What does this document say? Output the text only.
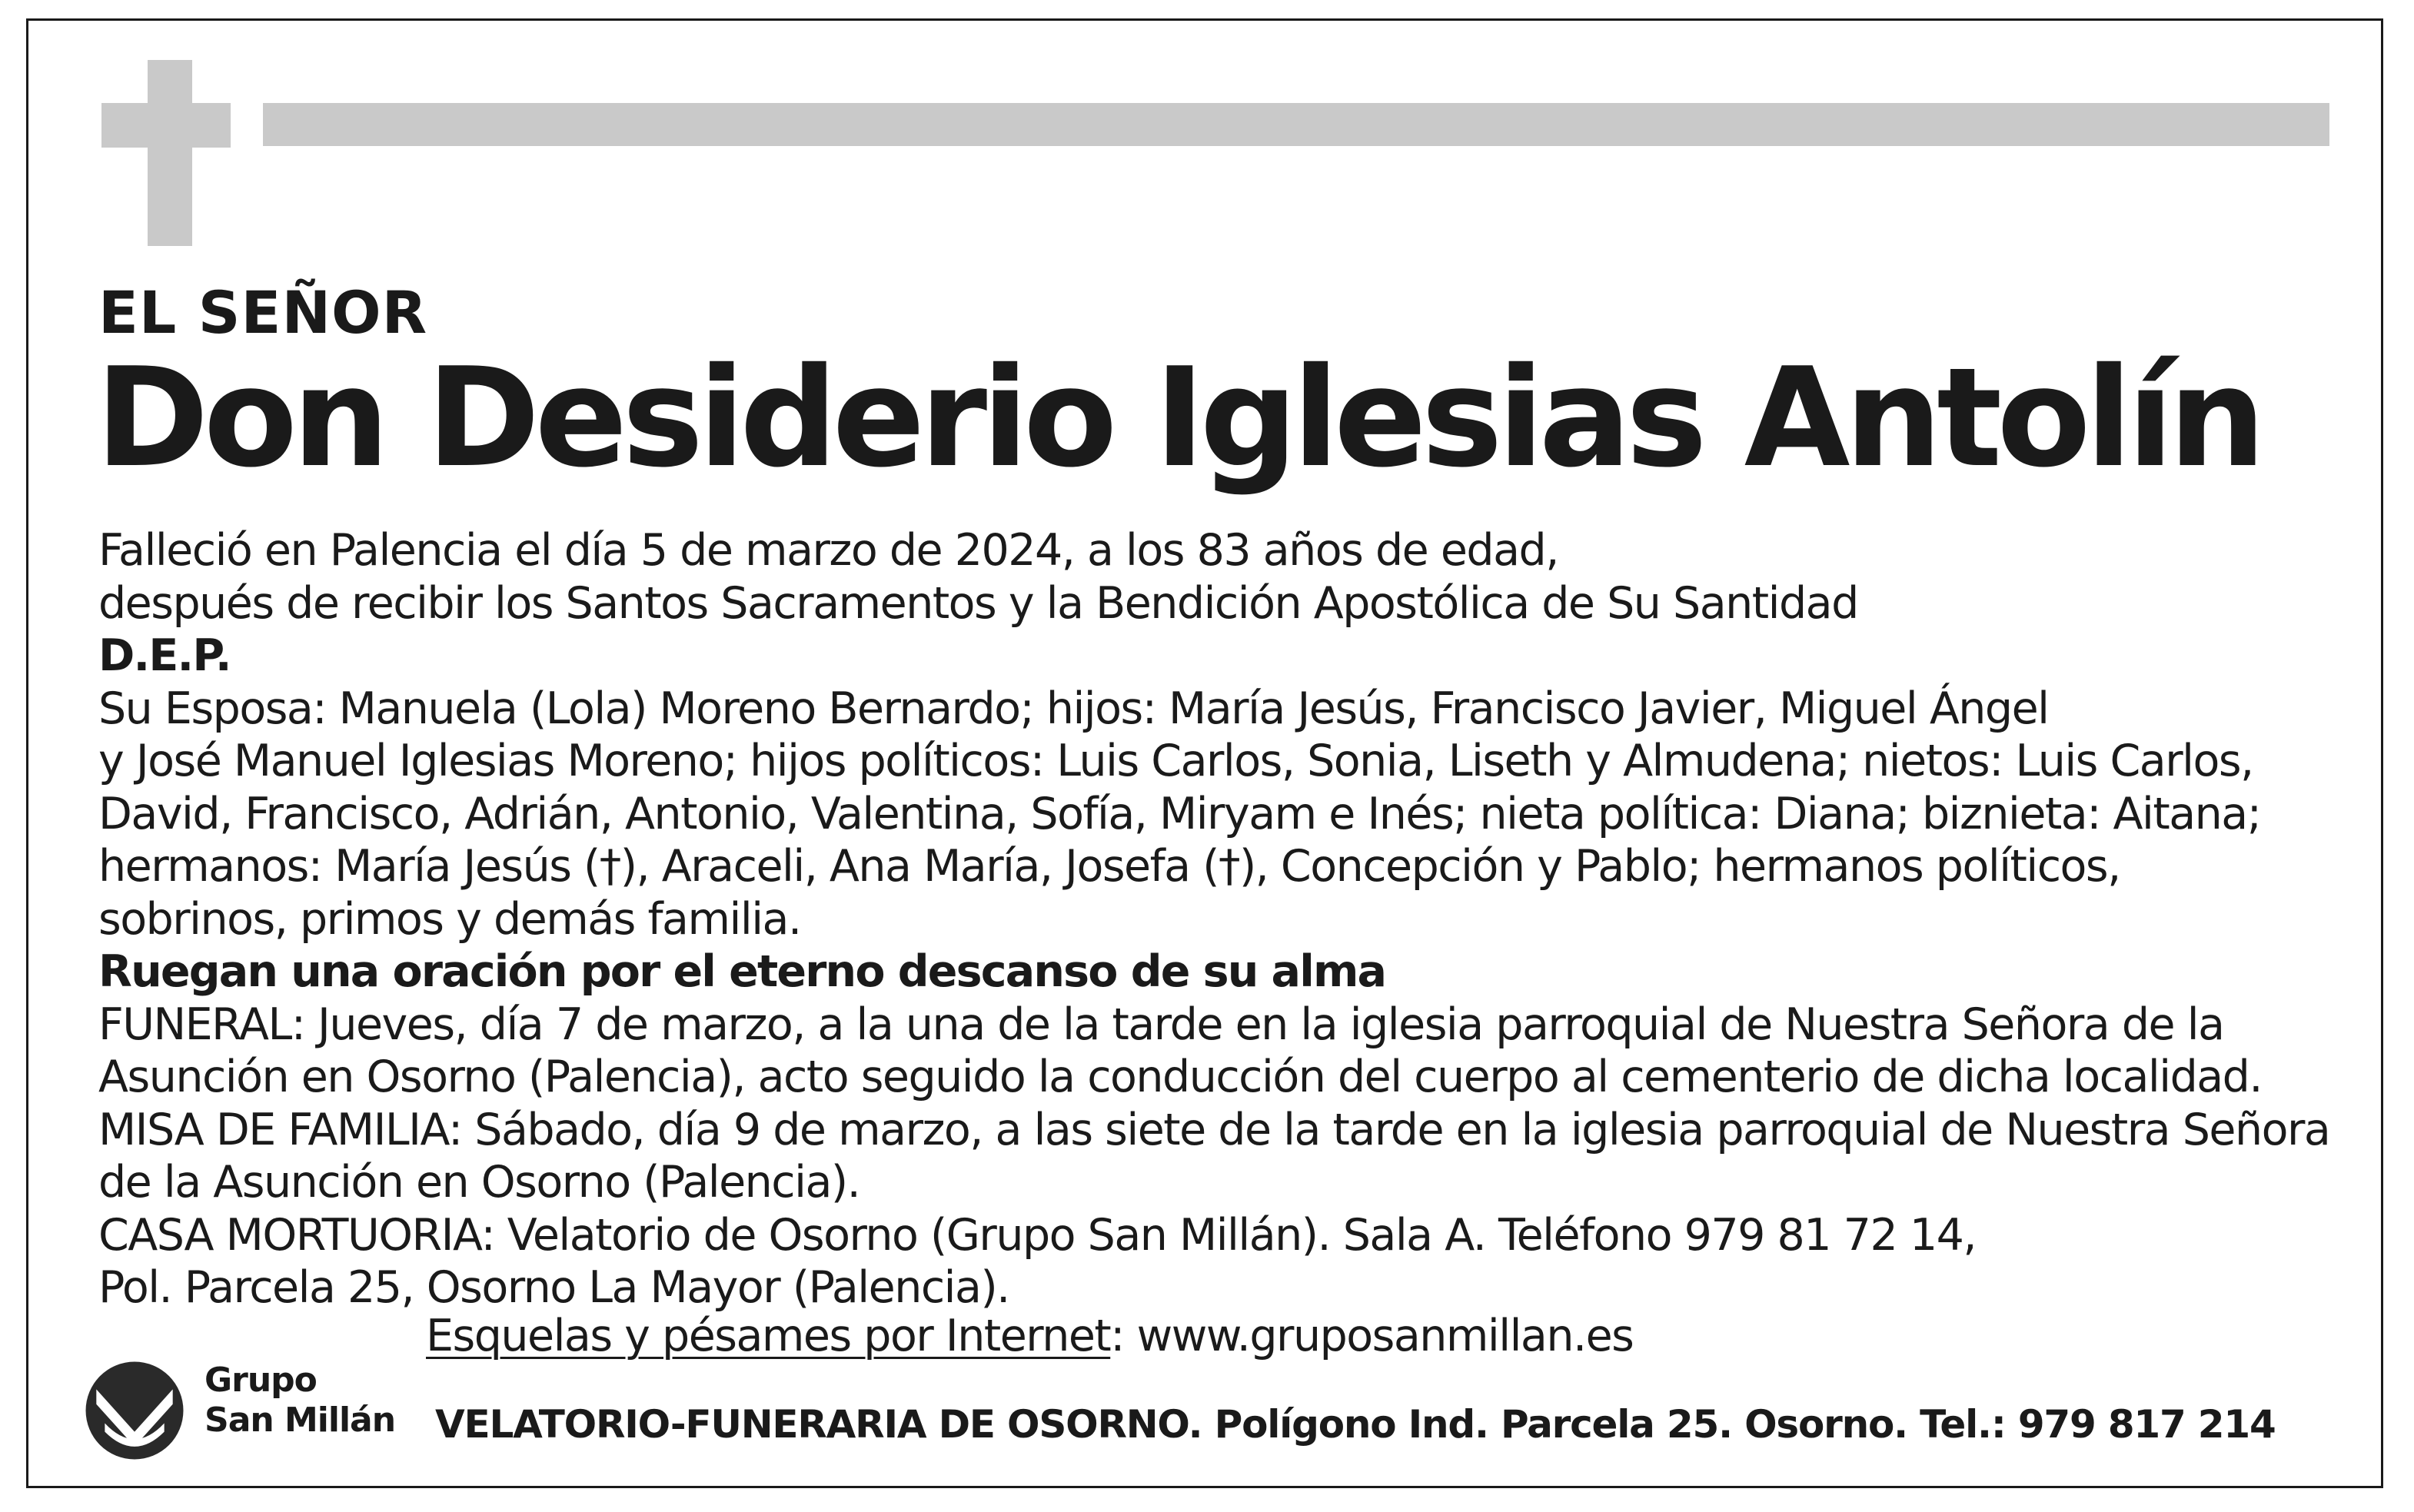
EL SEÑOR
Don Desiderio Iglesias Antolín
Falleció en Palencia el día 5 de marzo de 2024, a los 83 años de edad,
después de recibir los Santos Sacramentos y la Bendición Apostólica de Su Santidad
D.E.P.
Su Esposa: Manuela (Lola) Moreno Bernardo; hijos: María Jesús, Francisco Javier, Miguel Ángel
y José Manuel Iglesias Moreno; hijos políticos: Luis Carlos, Sonia, Liseth y Almudena; nietos: Luis Carlos,
David, Francisco, Adrián, Antonio, Valentina, Sofía, Miryam e Inés; nieta política: Diana; biznieta: Aitana;
hermanos: María Jesús (†), Araceli, Ana María, Josefa (†), Concepción y Pablo; hermanos políticos,
sobrinos, primos y demás familia.
Ruegan una oración por el eterno descanso de su alma
FUNERAL: Jueves, día 7 de marzo, a la una de la tarde en la iglesia parroquial de Nuestra Señora de la
Asunción en Osorno (Palencia), acto seguido la conducción del cuerpo al cementerio de dicha localidad.
MISA DE FAMILIA: Sábado, día 9 de marzo, a las siete de la tarde en la iglesia parroquial de Nuestra Señora
de la Asunción en Osorno (Palencia).
CASA MORTUORIA: Velatorio de Osorno (Grupo San Millán). Sala A. Teléfono 979 81 72 14,
Pol. Parcela 25, Osorno La Mayor (Palencia).
Esquelas y pésames por Internet: www.gruposanmillan.es
Grupo
San Millán VELATORIO-FUNERARIA DE OSORNO. Polígono Ind. Parcela 25. Osorno. Tel.: 979 817 214
